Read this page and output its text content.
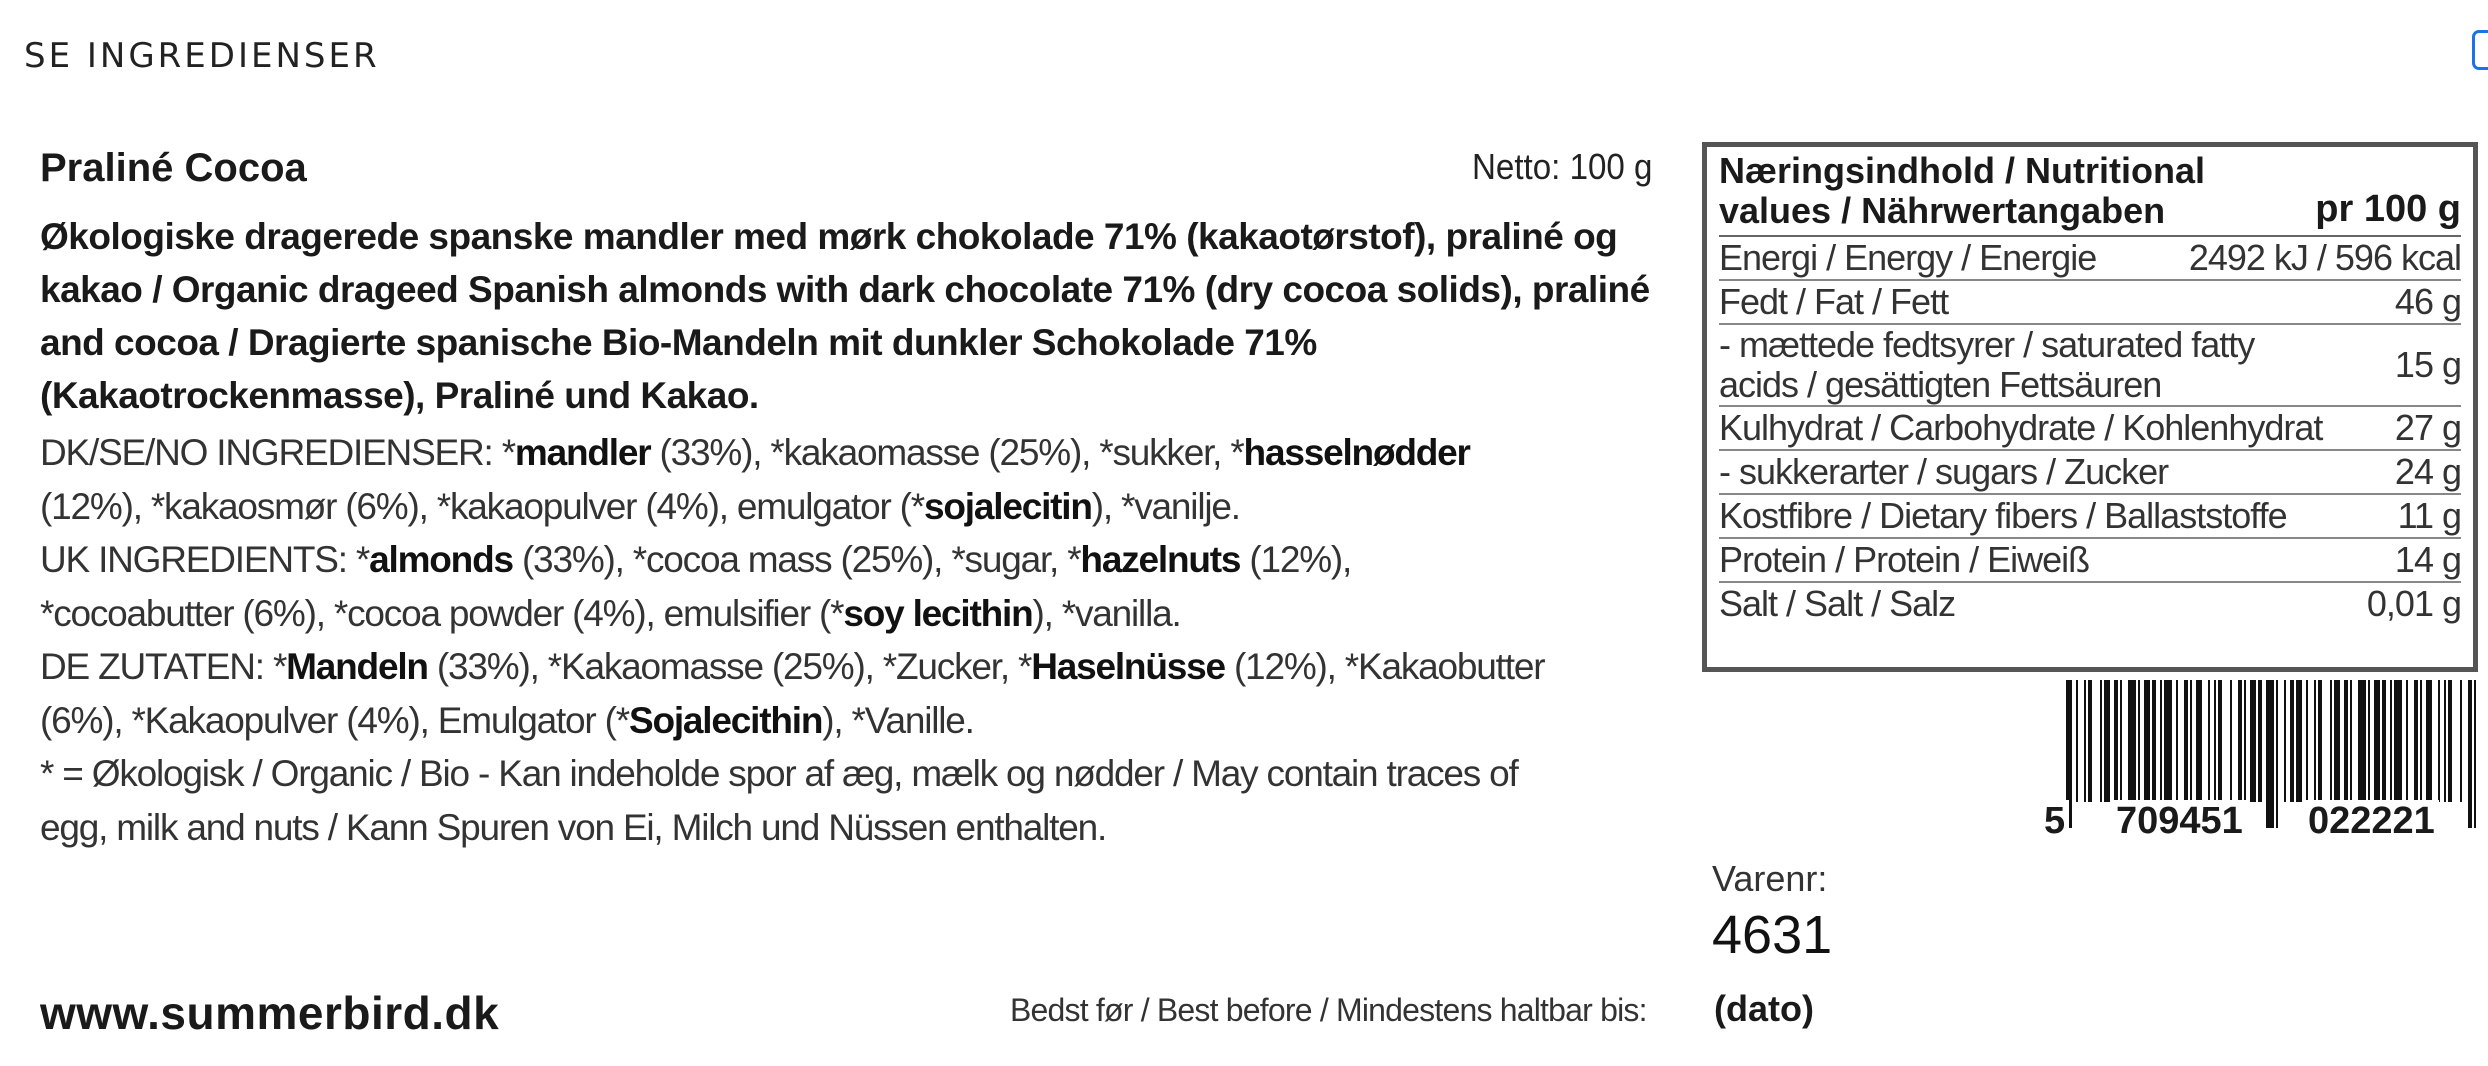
SE INGREDIENSER
Praliné Cocoa	Netto: 100 g
Økologiske dragerede spanske mandler med mørk chokolade 71% (kakaotørstof), praliné og kakao / Organic drageed Spanish almonds with dark chocolate 71% (dry cocoa solids), praliné and cocoa / Dragierte spanische Bio-Mandeln mit dunkler Schokolade 71% (Kakaotrockenmasse), Praliné und Kakao.
DK/SE/NO INGREDIENSER: *mandler (33%), *kakaomasse (25%), *sukker, *hasselnødder
(12%), *kakaosmør (6%), *kakaopulver (4%), emulgator (*sojalecitin), *vanilje.
UK INGREDIENTS: *almonds (33%), *cocoa mass (25%), *sugar, *hazelnuts (12%),
*cocoabutter (6%), *cocoa powder (4%), emulsifier (*soy lecithin), *vanilla.
DE ZUTATEN: *Mandeln (33%), *Kakaomasse (25%), *Zucker, *Haselnüsse (12%), *Kakaobutter
(6%), *Kakaopulver (4%), Emulgator (*Sojalecithin), *Vanille.
* = Økologisk / Organic / Bio - Kan indeholde spor af æg, mælk og nødder / May contain traces of
egg, milk and nuts / Kann Spuren von Ei, Milch und Nüssen enthalten.
Næringsindhold / Nutritional values / Nährwertangaben	pr 100 g
Energi / Energy / Energie	2492 kJ / 596 kcal
Fedt / Fat / Fett	46 g
- mættede fedtsyrer / saturated fatty acids / gesättigten Fettsäuren	15 g
Kulhydrat / Carbohydrate / Kohlenhydrat 27 g
- sukkerarter / sugars / Zucker	24 g
Kostfibre / Dietary fibers / Ballaststoffe	11 g
Protein / Protein / Eiweiß	14 g
Salt / Salt / Salz	0,01 g
5 709451 022221
Varenr:
4631
www.summerbird.dk	Bedst før / Best before / Mindestens haltbar bis: (dato)
